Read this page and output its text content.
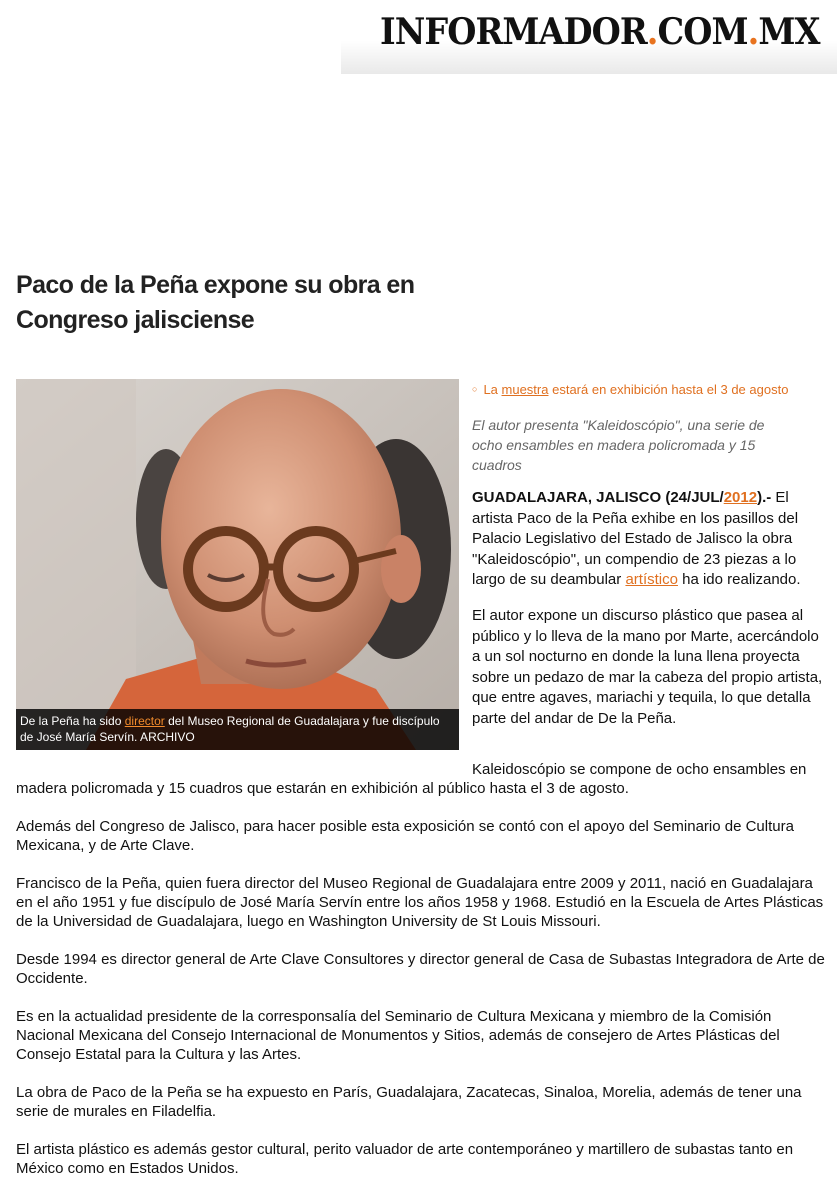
INFORMADOR.COM.MX
Paco de la Peña expone su obra en Congreso jalisciense
De la Peña ha sido director del Museo Regional de Guadalajara y fue discípulo de José María Servín. ARCHIVO
○ La muestra estará en exhibición hasta el 3 de agosto

El autor presenta "Kaleidoscópio", una serie de ocho ensambles en madera policromada y 15 cuadros

GUADALAJARA, JALISCO (24/JUL/2012).- El artista Paco de la Peña exhibe en los pasillos del Palacio Legislativo del Estado de Jalisco la obra "Kaleidoscópio", un compendio de 23 piezas a lo largo de su deambular artístico ha ido realizando.

El autor expone un discurso plástico que pasea al público y lo lleva de la mano por Marte, acercándolo a un sol nocturno en donde la luna llena proyecta sobre un pedazo de mar la cabeza del propio artista, que entre agaves, mariachi y tequila, lo que detalla parte del andar de De la Peña.

Kaleidoscópio se compone de ocho ensambles en madera policromada y 15 cuadros que estarán en exhibición al público hasta el 3 de agosto.

Además del Congreso de Jalisco, para hacer posible esta exposición se contó con el apoyo del Seminario de Cultura Mexicana, y de Arte Clave.

Francisco de la Peña, quien fuera director del Museo Regional de Guadalajara entre 2009 y 2011, nació en Guadalajara en el año 1951 y fue discípulo de José María Servín entre los años 1958 y 1968. Estudió en la Escuela de Artes Plásticas de la Universidad de Guadalajara, luego en Washington University de St Louis Missouri.

Desde 1994 es director general de Arte Clave Consultores y director general de Casa de Subastas Integradora de Arte de Occidente.

Es en la actualidad presidente de la corresponsalía del Seminario de Cultura Mexicana y miembro de la Comisión Nacional Mexicana del Consejo Internacional de Monumentos y Sitios, además de consejero de Artes Plásticas del Consejo Estatal para la Cultura y las Artes.

La obra de Paco de la Peña se ha expuesto en París, Guadalajara, Zacatecas, Sinaloa, Morelia, además de tener una serie de murales en Filadelfia.

El artista plástico es además gestor cultural, perito valuador de arte contemporáneo y martillero de subastas tanto en México como en Estados Unidos.
